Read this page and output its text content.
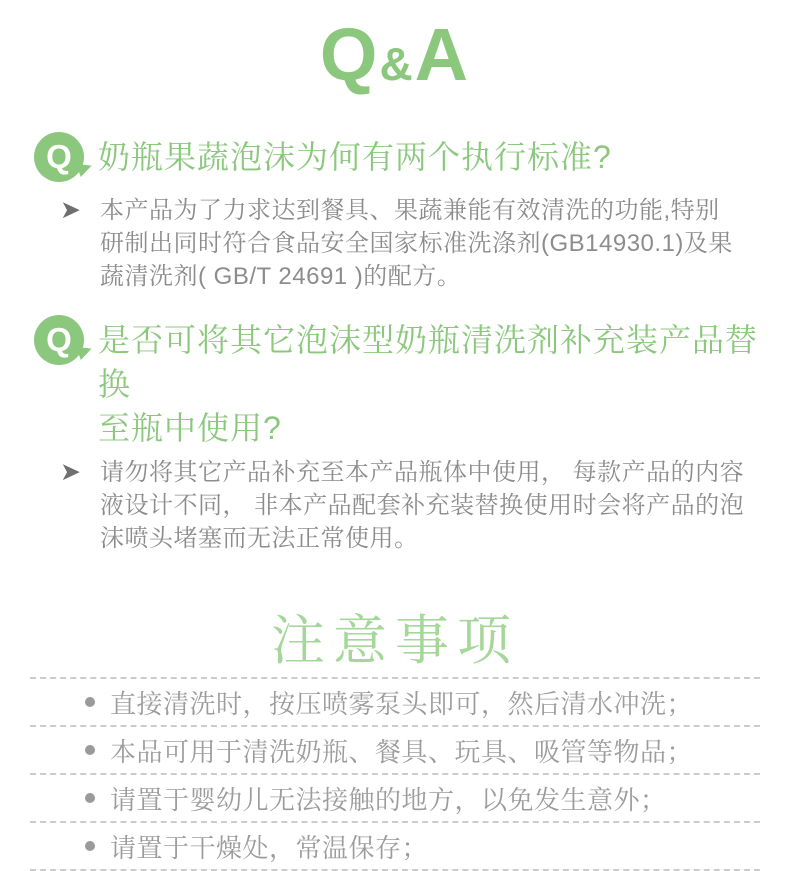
Q&A
Q 奶瓶果蔬泡沫为何有两个执行标准?
➤ 本产品为了力求达到餐具、果蔬兼能有效清洗的功能,特别
研制出同时符合食品安全国家标准洗涤剂(GB14930.1)及果
蔬清洗剂( GB/T 24691 )的配方。
Q 是否可将其它泡沫型奶瓶清洗剂补充装产品替换
至瓶中使用?
➤ 请勿将其它产品补充至本产品瓶体中使用， 每款产品的内容
液设计不同， 非本产品配套补充装替换使用时会将产品的泡
沫喷头堵塞而无法正常使用。
注意事项
直接清洗时，按压喷雾泵头即可，然后清水冲洗；
本品可用于清洗奶瓶、餐具、玩具、吸管等物品；
请置于婴幼儿无法接触的地方，以免发生意外；
请置于干燥处，常温保存；
